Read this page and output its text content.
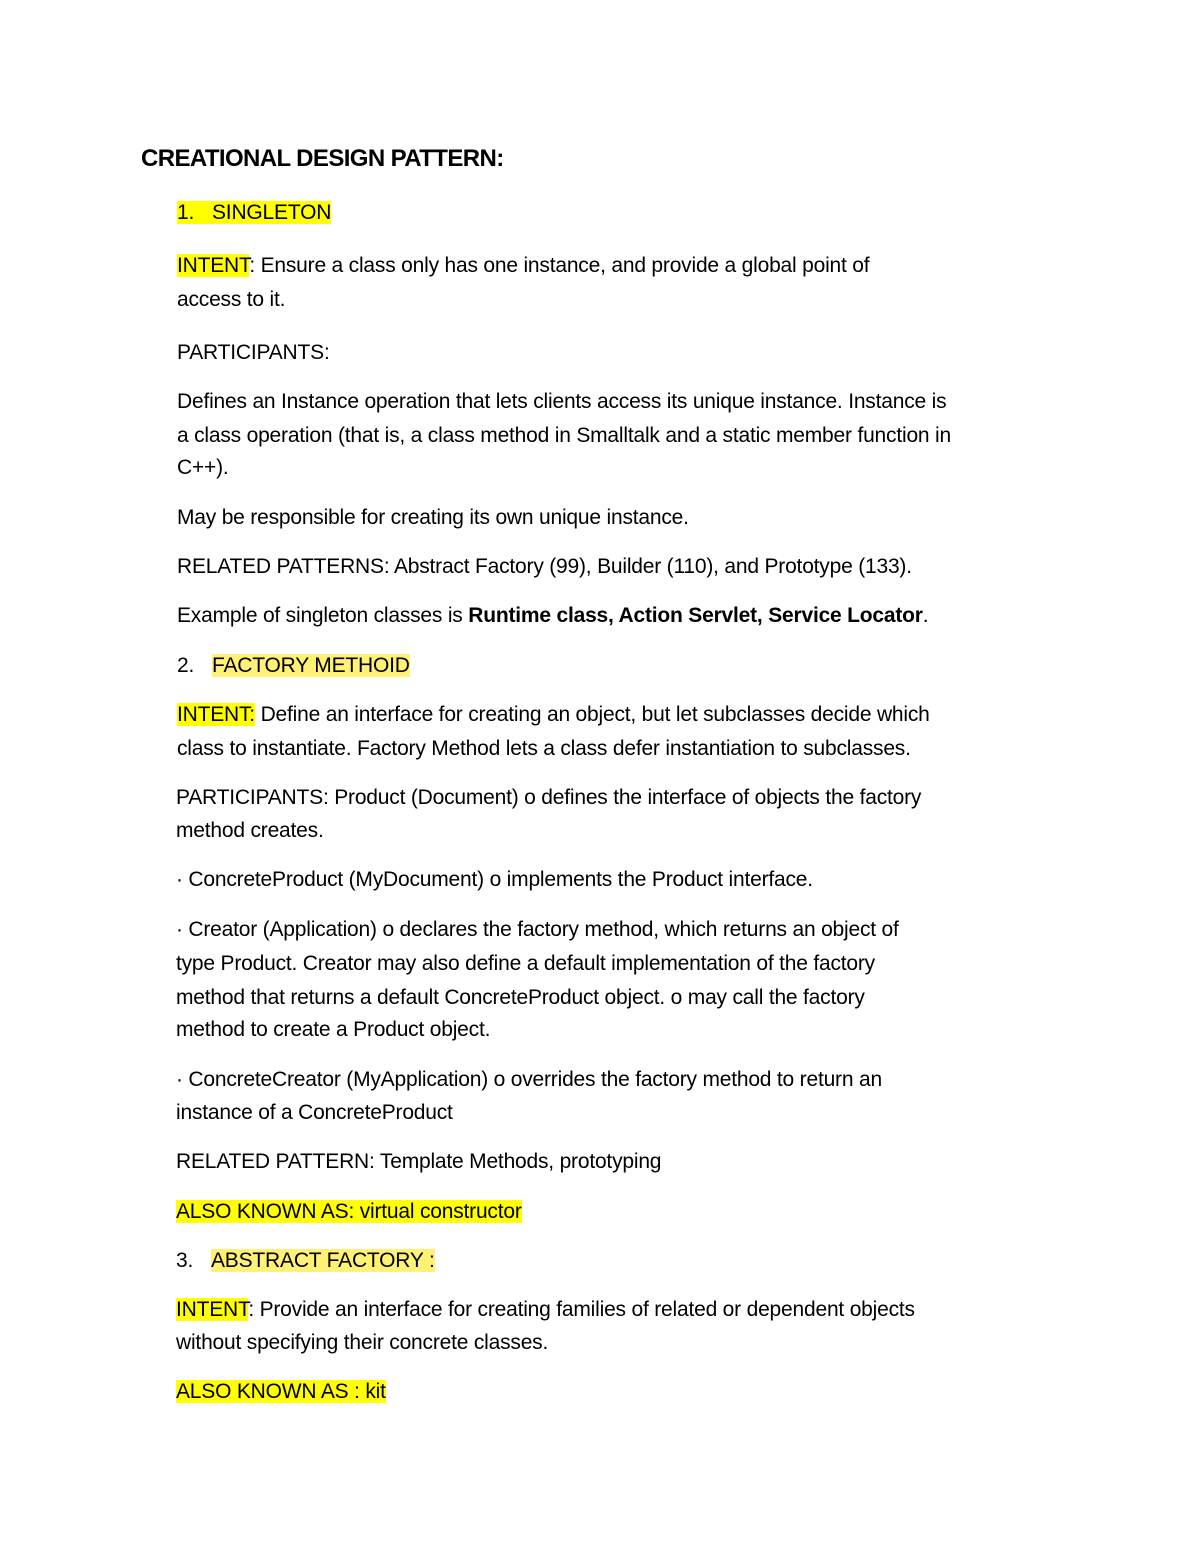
CREATIONAL DESIGN PATTERN:
1. SINGLETON
INTENT: Ensure a class only has one instance, and provide a global point of
access to it.
PARTICIPANTS:
Defines an Instance operation that lets clients access its unique instance. Instance is
a class operation (that is, a class method in Smalltalk and a static member function in
C++).
May be responsible for creating its own unique instance.
RELATED PATTERNS: Abstract Factory (99), Builder (110), and Prototype (133).
Example of singleton classes is Runtime class, Action Servlet, Service Locator.
2. FACTORY METHOID
INTENT: Define an interface for creating an object, but let subclasses decide which
class to instantiate. Factory Method lets a class defer instantiation to subclasses.
PARTICIPANTS: Product (Document) o defines the interface of objects the factory
method creates.
· ConcreteProduct (MyDocument) o implements the Product interface.
· Creator (Application) o declares the factory method, which returns an object of
type Product. Creator may also define a default implementation of the factory
method that returns a default ConcreteProduct object. o may call the factory
method to create a Product object.
· ConcreteCreator (MyApplication) o overrides the factory method to return an
instance of a ConcreteProduct
RELATED PATTERN: Template Methods, prototyping
ALSO KNOWN AS: virtual constructor
3. ABSTRACT FACTORY :
INTENT: Provide an interface for creating families of related or dependent objects
without specifying their concrete classes.
ALSO KNOWN AS : kit
